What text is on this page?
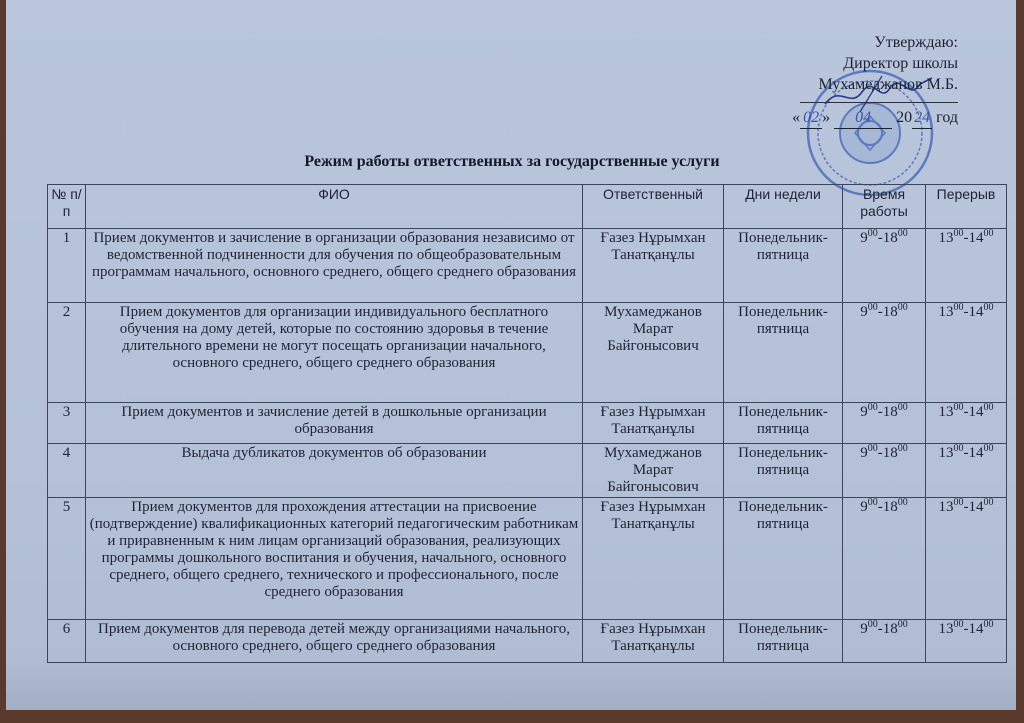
Утверждаю:
Директор школы
Мухамеджанов М.Б.
« 02 » 04 20 24 год
Режим работы ответственных за государственные услуги
№ п/п	ФИО	Ответственный	Дни недели	Время работы	Перерыв
1	Прием документов и зачисление в организации образования независимо от ведомственной подчиненности для обучения по общеобразовательным программам начального, основного среднего, общего среднего образования	Ғазез Нұрымхан Танатқанұлы	Понедельник-пятница	$9^{00}-18^{00}$	$13^{00}-14^{00}$
2	Прием документов для организации индивидуального бесплатного обучения на дому детей, которые по состоянию здоровья в течение длительного времени не могут посещать организации начального, основного среднего, общего среднего образования	Мухамеджанов Марат Байгонысович	Понедельник-пятница	$9^{00}-18^{00}$	$13^{00}-14^{00}$
3	Прием документов и зачисление детей в дошкольные организации образования	Ғазез Нұрымхан Танатқанұлы	Понедельник-пятница	$9^{00}-18^{00}$	$13^{00}-14^{00}$
4	Выдача дубликатов документов об образовании	Мухамеджанов Марат Байгонысович	Понедельник-пятница	$9^{00}-18^{00}$	$13^{00}-14^{00}$
5	Прием документов для прохождения аттестации на присвоение (подтверждение) квалификационных категорий педагогическим работникам и приравненным к ним лицам организаций образования, реализующих программы дошкольного воспитания и обучения, начального, основного среднего, общего среднего, технического и профессионального, после среднего образования	Ғазез Нұрымхан Танатқанұлы	Понедельник-пятница	$9^{00}-18^{00}$	$13^{00}-14^{00}$
6	Прием документов для перевода детей между организациями начального, основного среднего, общего среднего образования	Ғазез Нұрымхан Танатқанұлы	Понедельник-пятница	$9^{00}-18^{00}$	$13^{00}-14^{00}$
